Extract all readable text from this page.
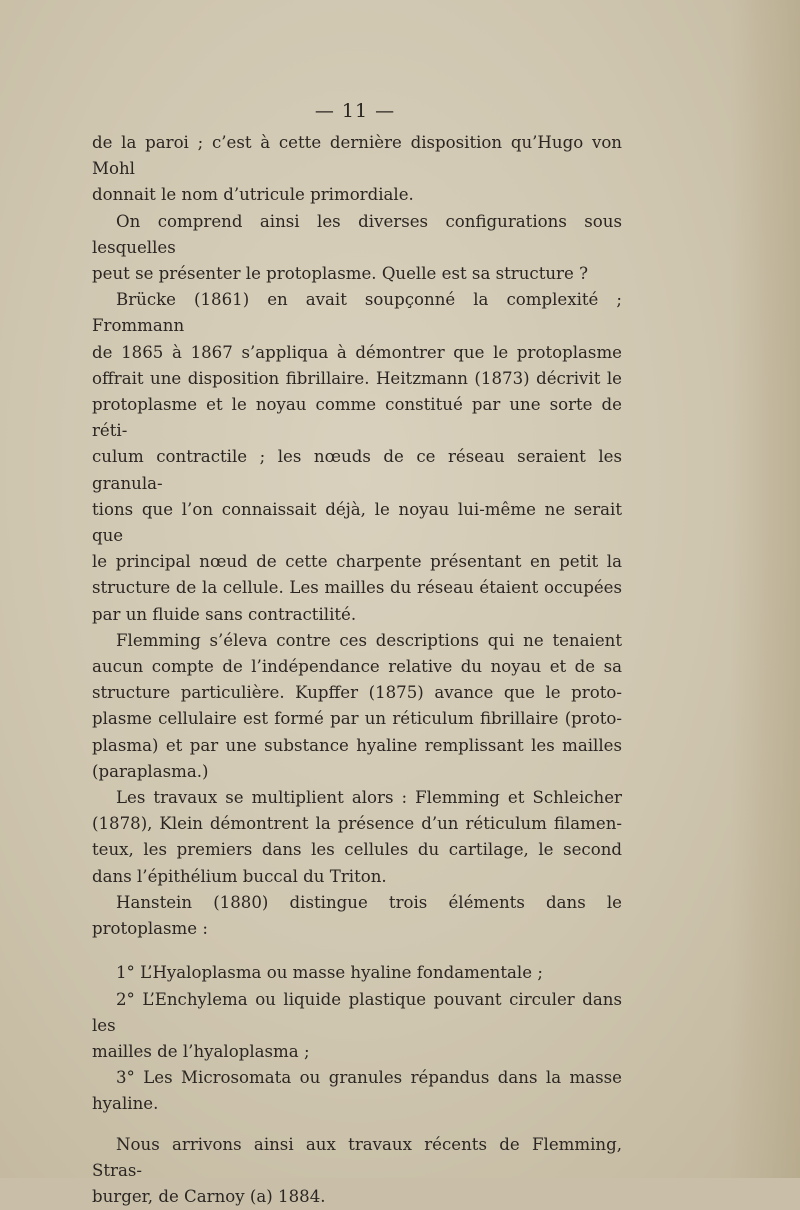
— 11 —

de la paroi ; c’est à cette dernière disposition qu’Hugo von Mohl

donnait le nom d’utricule primordiale.

On comprend ainsi les diverses configurations sous lesquelles

peut se présenter le protoplasme. Quelle est sa structure ?

Brücke (1861) en avait soupçonné la complexité ; Frommann

de 1865 à 1867 s’appliqua à démontrer que le protoplasme

offrait une disposition fibrillaire. Heitzmann (1873) décrivit le

protoplasme et le noyau comme constitué par une sorte de réti-

culum contractile ; les nœuds de ce réseau seraient les granula-

tions que l’on connaissait déjà, le noyau lui-même ne serait que

le principal nœud de cette charpente présentant en petit la

structure de la cellule. Les mailles du réseau étaient occupées

par un fluide sans contractilité.

Flemming s’éleva contre ces descriptions qui ne tenaient

aucun compte de l’indépendance relative du noyau et de sa

structure particulière. Kupffer (1875) avance que le proto-

plasme cellulaire est formé par un réticulum fibrillaire (proto-

plasma) et par une substance hyaline remplissant les mailles

(paraplasma.)

Les travaux se multiplient alors : Flemming et Schleicher

(1878), Klein démontrent la présence d’un réticulum filamen-

teux, les premiers dans les cellules du cartilage, le second

dans l’épithélium buccal du Triton.

Hanstein (1880) distingue trois éléments dans le protoplasme :

1° L’Hyaloplasma ou masse hyaline fondamentale ;

2° L’Enchylema ou liquide plastique pouvant circuler dans les

mailles de l’hyaloplasma ;

3° Les Microsomata ou granules répandus dans la masse

hyaline.

Nous arrivons ainsi aux travaux récents de Flemming, Stras-

burger, de Carnoy (a) 1884.
